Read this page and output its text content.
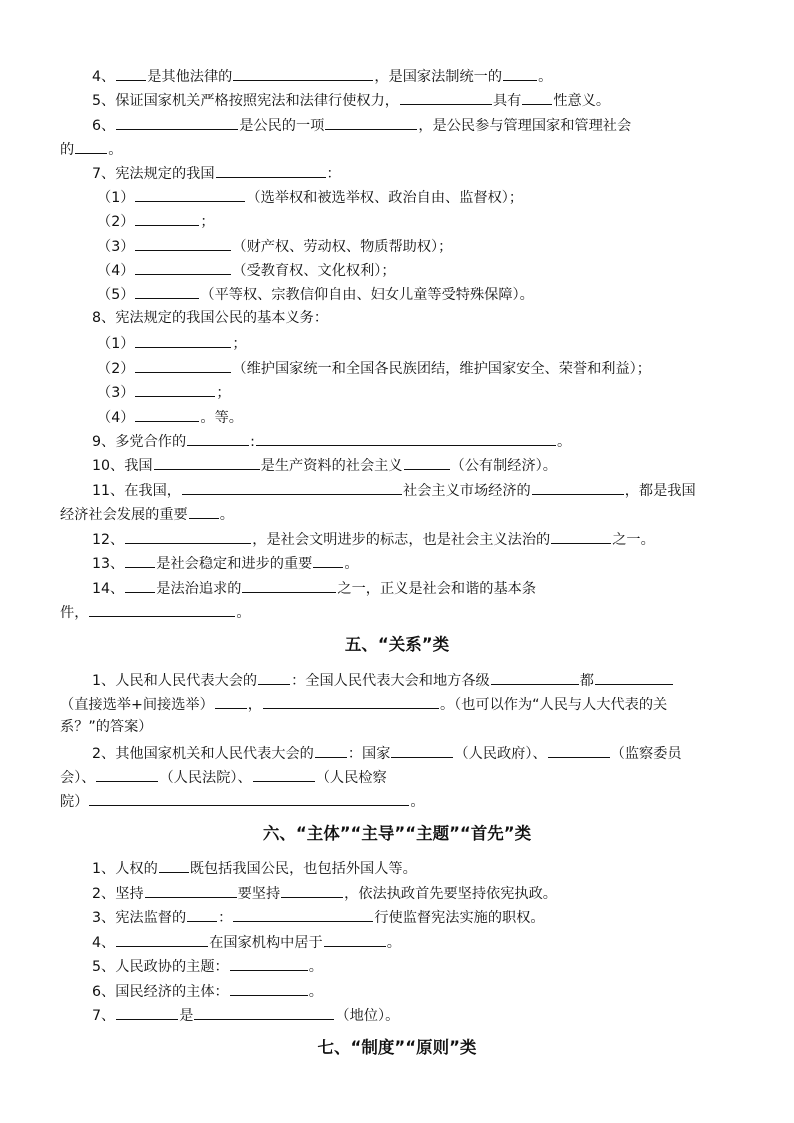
4、 是其他法律的	，是国家法制统一的	。
5、保证国家机关严格按照宪法和法律行使权力，	具有 性意义。
6、	是公民的一项	，是公民参与管理国家和管理社会
的 。
7、宪法规定的我国	：
（1）	（选举权和被选举权、政治自由、监督权）；
（2）	；
（3）	（财产权、劳动权、物质帮助权）；
（4）	（受教育权、文化权利）；
（5）	（平等权、宗教信仰自由、妇女儿童等受特殊保障）。
8、宪法规定的我国公民的基本义务：
（1）	；
（2）	（维护国家统一和全国各民族团结，维护国家安全、荣誉和利益）；
（3）	；
（4）	。等。
9、多党合作的	:	。
10、我国	是生产资料的社会主义	（公有制经济）。
11、在我国，	社会主义市场经济的	，都是我国
经济社会发展的重要 。
12、	，是社会文明进步的标志，也是社会主义法治的	之一。
13、 是社会稳定和进步的重要 。
14、 是法治追求的	之一，正义是社会和谐的基本条
件，	。
五、“关系”类
1、人民和人民代表大会的 ：全国人民代表大会和地方各级	都
（直接选举+间接选举） ，	。（也可以作为“人民与人大代表的关
系？”的答案）
2、其他国家机关和人民代表大会的 ：国家	（人民政府）、	（监察委员
会）、	（人民法院）、	（人民检察
院）	。
六、“主体”“主导”“主题”“首先”类
1、人权的 既包括我国公民，也包括外国人等。
2、坚持	要坚持	，依法执政首先要坚持依宪执政。
3、宪法监督的 ：	行使监督宪法实施的职权。
4、	在国家机构中居于	。
5、人民政协的主题：	。
6、国民经济的主体：	。
7、	是	（地位）。
七、“制度”“原则”类
